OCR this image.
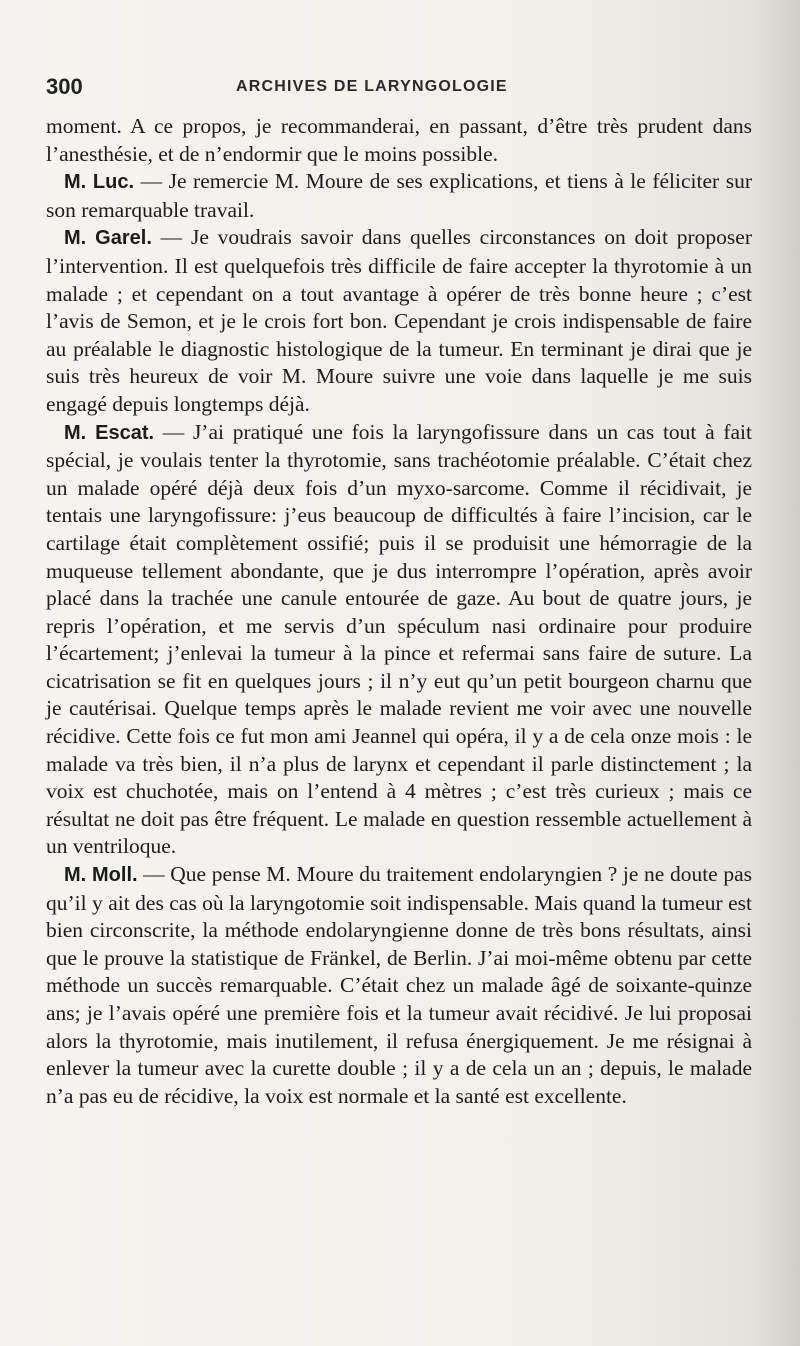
300	ARCHIVES DE LARYNGOLOGIE

moment. A ce propos, je recommanderai, en passant, d’être très prudent dans l’anesthésie, et de n’endormir que le moins possible.

M. Luc. — Je remercie M. Moure de ses explications, et tiens à le féliciter sur son remarquable travail.

M. Garel. — Je voudrais savoir dans quelles circonstances on doit proposer l’intervention. Il est quelquefois très difficile de faire accepter la thyrotomie à un malade ; et cependant on a tout avantage à opérer de très bonne heure ; c’est l’avis de Semon, et je le crois fort bon. Cependant je crois indispensable de faire au préalable le diagnostic histologique de la tumeur. En terminant je dirai que je suis très heureux de voir M. Moure suivre une voie dans laquelle je me suis engagé depuis longtemps déjà.

M. Escat. — J’ai pratiqué une fois la laryngofissure dans un cas tout à fait spécial, je voulais tenter la thyrotomie, sans trachéotomie préalable. C’était chez un malade opéré déjà deux fois d’un myxo-sarcome. Comme il récidivait, je tentais une laryngofissure: j’eus beaucoup de difficultés à faire l’incision, car le cartilage était complètement ossifié; puis il se produisit une hémorragie de la muqueuse tellement abondante, que je dus interrompre l’opération, après avoir placé dans la trachée une canule entourée de gaze. Au bout de quatre jours, je repris l’opération, et me servis d’un spéculum nasi ordinaire pour produire l’écartement; j’enlevai la tumeur à la pince et refermai sans faire de suture. La cicatrisation se fit en quelques jours ; il n’y eut qu’un petit bourgeon charnu que je cautérisai. Quelque temps après le malade revient me voir avec une nouvelle récidive. Cette fois ce fut mon ami Jeannel qui opéra, il y a de cela onze mois : le malade va très bien, il n’a plus de larynx et cependant il parle distinctement ; la voix est chuchotée, mais on l’entend à 4 mètres ; c’est très curieux ; mais ce résultat ne doit pas être fréquent. Le malade en question ressemble actuellement à un ventriloque.

M. Moll. — Que pense M. Moure du traitement endolaryngien ? je ne doute pas qu’il y ait des cas où la laryngotomie soit indispensable. Mais quand la tumeur est bien circonscrite, la méthode endolaryngienne donne de très bons résultats, ainsi que le prouve la statistique de Fränkel, de Berlin. J’ai moi-même obtenu par cette méthode un succès remarquable. C’était chez un malade âgé de soixante-quinze ans; je l’avais opéré une première fois et la tumeur avait récidivé. Je lui proposai alors la thyrotomie, mais inutilement, il refusa énergiquement. Je me résignai à enlever la tumeur avec la curette double ; il y a de cela un an ; depuis, le malade n’a pas eu de récidive, la voix est normale et la santé est excellente.
